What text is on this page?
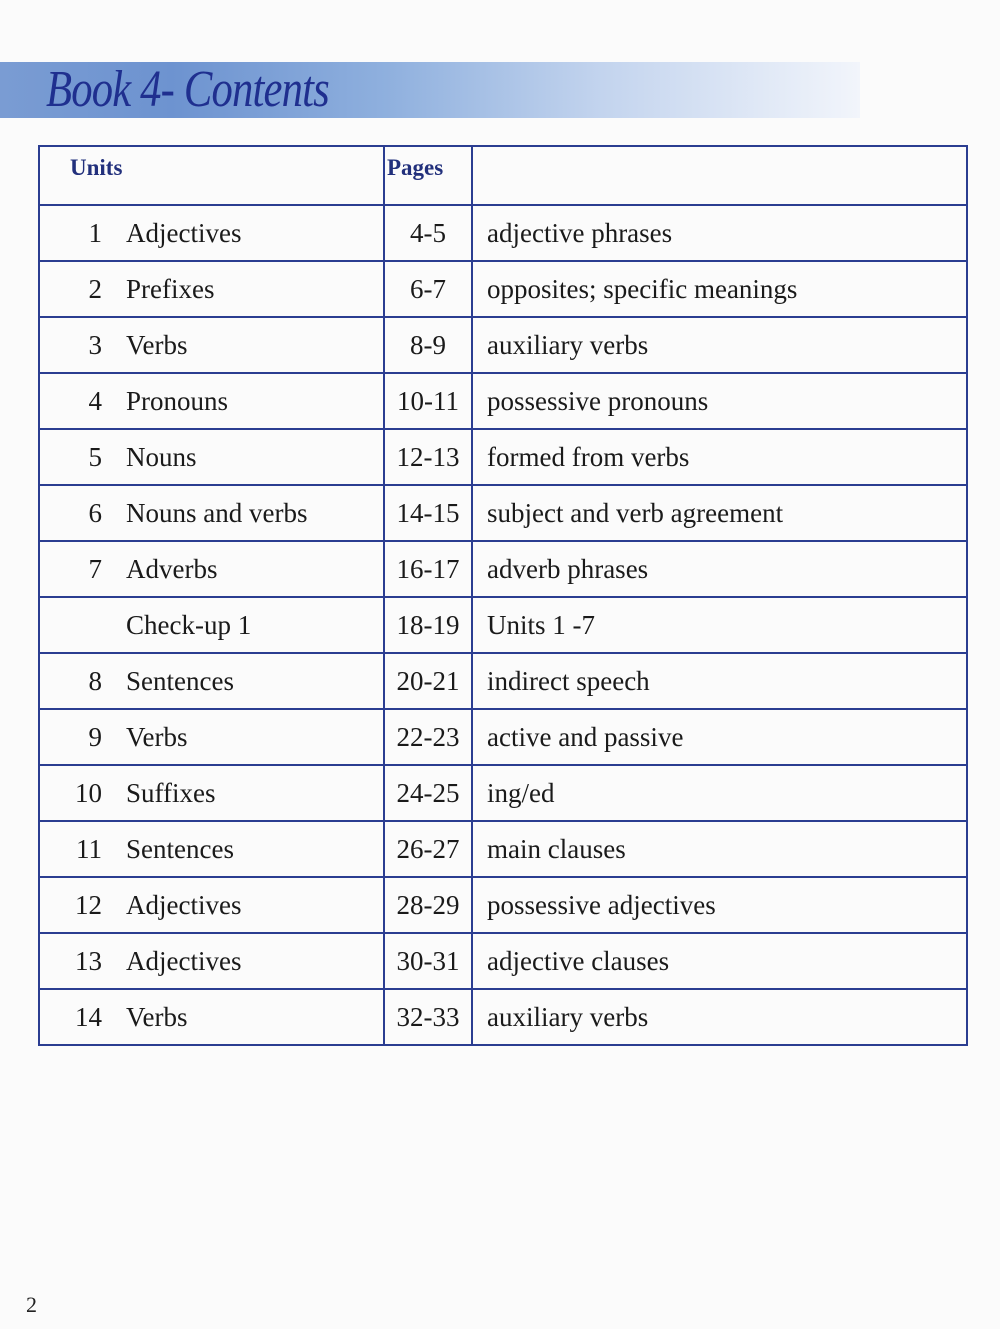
Book 4- Contents
Units	Pages	

1 Adjectives	4-5	adjective phrases

2 Prefixes	6-7	opposites; specific meanings

3 Verbs	8-9	auxiliary verbs

4 Pronouns	10-11	possessive pronouns

5 Nouns	12-13	formed from verbs

6 Nouns and verbs	14-15	subject and verb agreement

7 Adverbs	16-17	adverb phrases

Check-up 1	18-19	Units 1 -7

8 Sentences	20-21	indirect speech

9 Verbs	22-23	active and passive

10 Suffixes	24-25	ing/ed

11 Sentences	26-27	main clauses

12 Adjectives	28-29	possessive adjectives

13 Adjectives	30-31	adjective clauses

14 Verbs	32-33	auxiliary verbs
2
